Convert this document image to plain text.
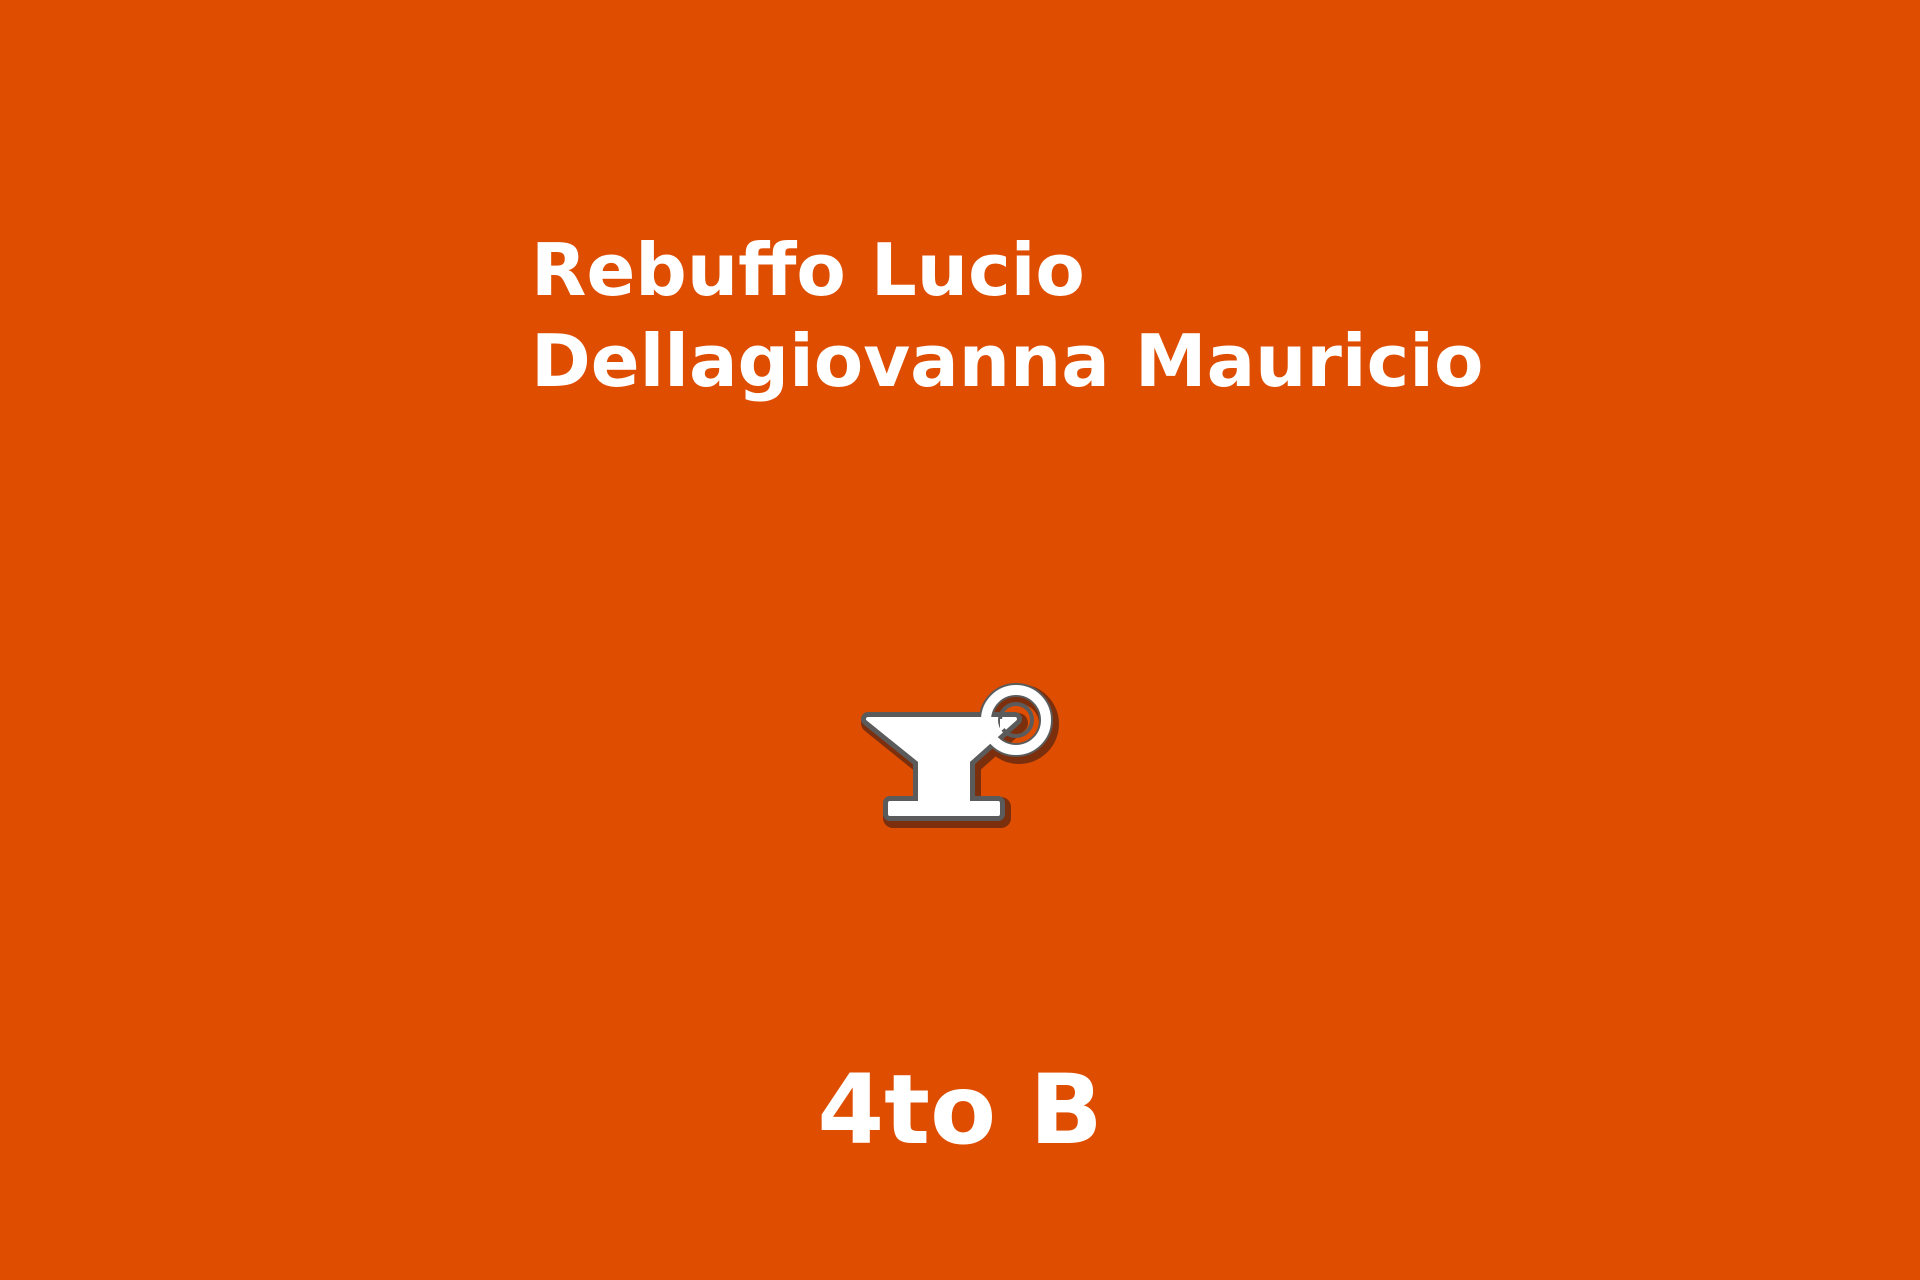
Rebuffo Lucio
Dellagiovanna Mauricio
4to B
